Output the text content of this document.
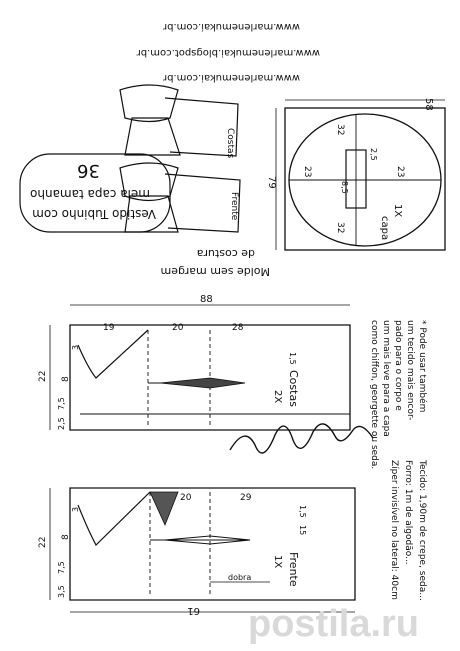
Vestido Tubinho com
meia capa tamanho
36
www.marlenemukai.com.br
www.marlenemukai.blogspot.com.br
www.marlenemukai.com.br
Costas
Frente
Molde sem margem
de costura
58
79
23
32
23
32
2,5
8,5
capa
1X
88
19	20	28
22 8
7,5
2,5
1,5
3
Costas
2X	* Pode usar também
um tecido mais encor-
pado para o corpo e
um mais leve para a capa
como chiffon, georgette ou seda.
dobra
61
20	29
22 8
7,5
3,5
1,5
15
3
Frente
1X	Tecido: 1,90m de crepe, seda...
Forro: 1m de algodão...
Zíper invisível no lateral: 40cm
postila.ru
